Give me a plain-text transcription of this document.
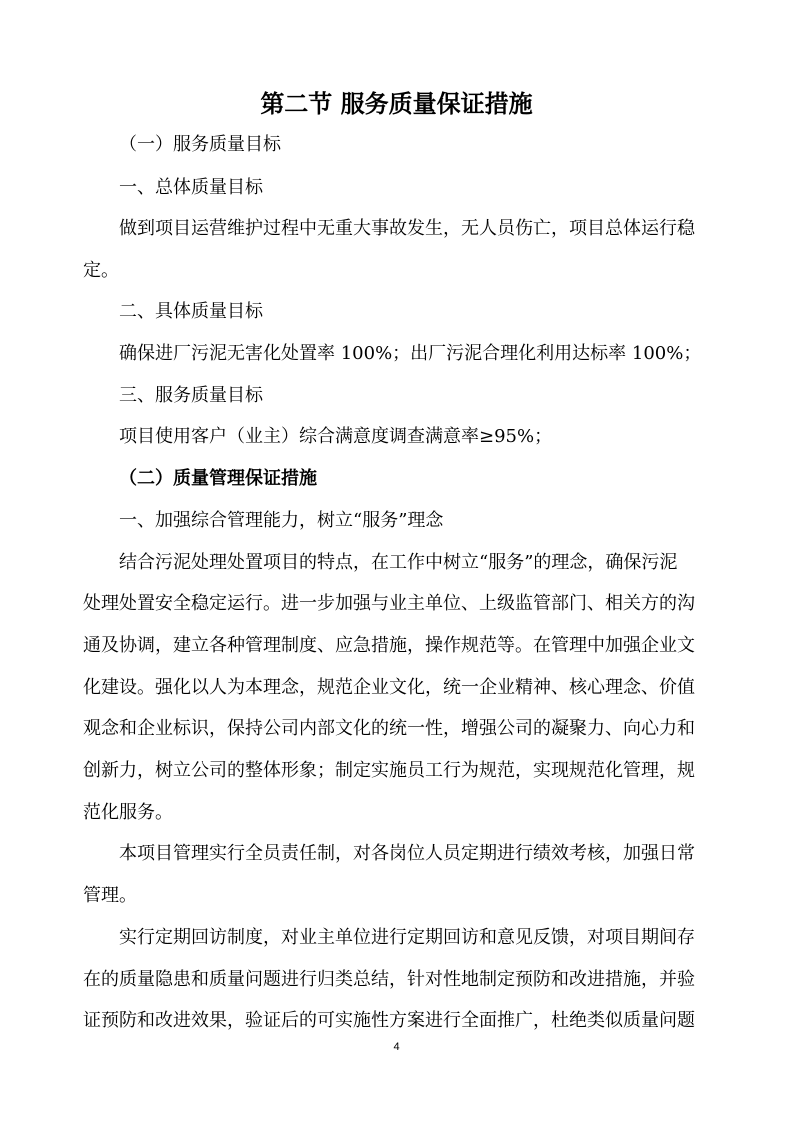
第二节 服务质量保证措施
（一）服务质量目标
一、总体质量目标
做到项目运营维护过程中无重大事故发生，无人员伤亡，项目总体运行稳
定。
二、具体质量目标
确保进厂污泥无害化处置率 100%；出厂污泥合理化利用达标率 100%；
三、服务质量目标
项目使用客户（业主）综合满意度调查满意率≥95%；
（二）质量管理保证措施
一、加强综合管理能力，树立“服务”理念
结合污泥处理处置项目的特点，在工作中树立“服务”的理念，确保污泥
处理处置安全稳定运行。进一步加强与业主单位、上级监管部门、相关方的沟
通及协调，建立各种管理制度、应急措施，操作规范等。在管理中加强企业文
化建设。强化以人为本理念，规范企业文化，统一企业精神、核心理念、价值
观念和企业标识，保持公司内部文化的统一性，增强公司的凝聚力、向心力和
创新力，树立公司的整体形象；制定实施员工行为规范，实现规范化管理，规
范化服务。
本项目管理实行全员责任制，对各岗位人员定期进行绩效考核，加强日常
管理。
实行定期回访制度，对业主单位进行定期回访和意见反馈，对项目期间存
在的质量隐患和质量问题进行归类总结，针对性地制定预防和改进措施，并验
证预防和改进效果，验证后的可实施性方案进行全面推广，杜绝类似质量问题
4
